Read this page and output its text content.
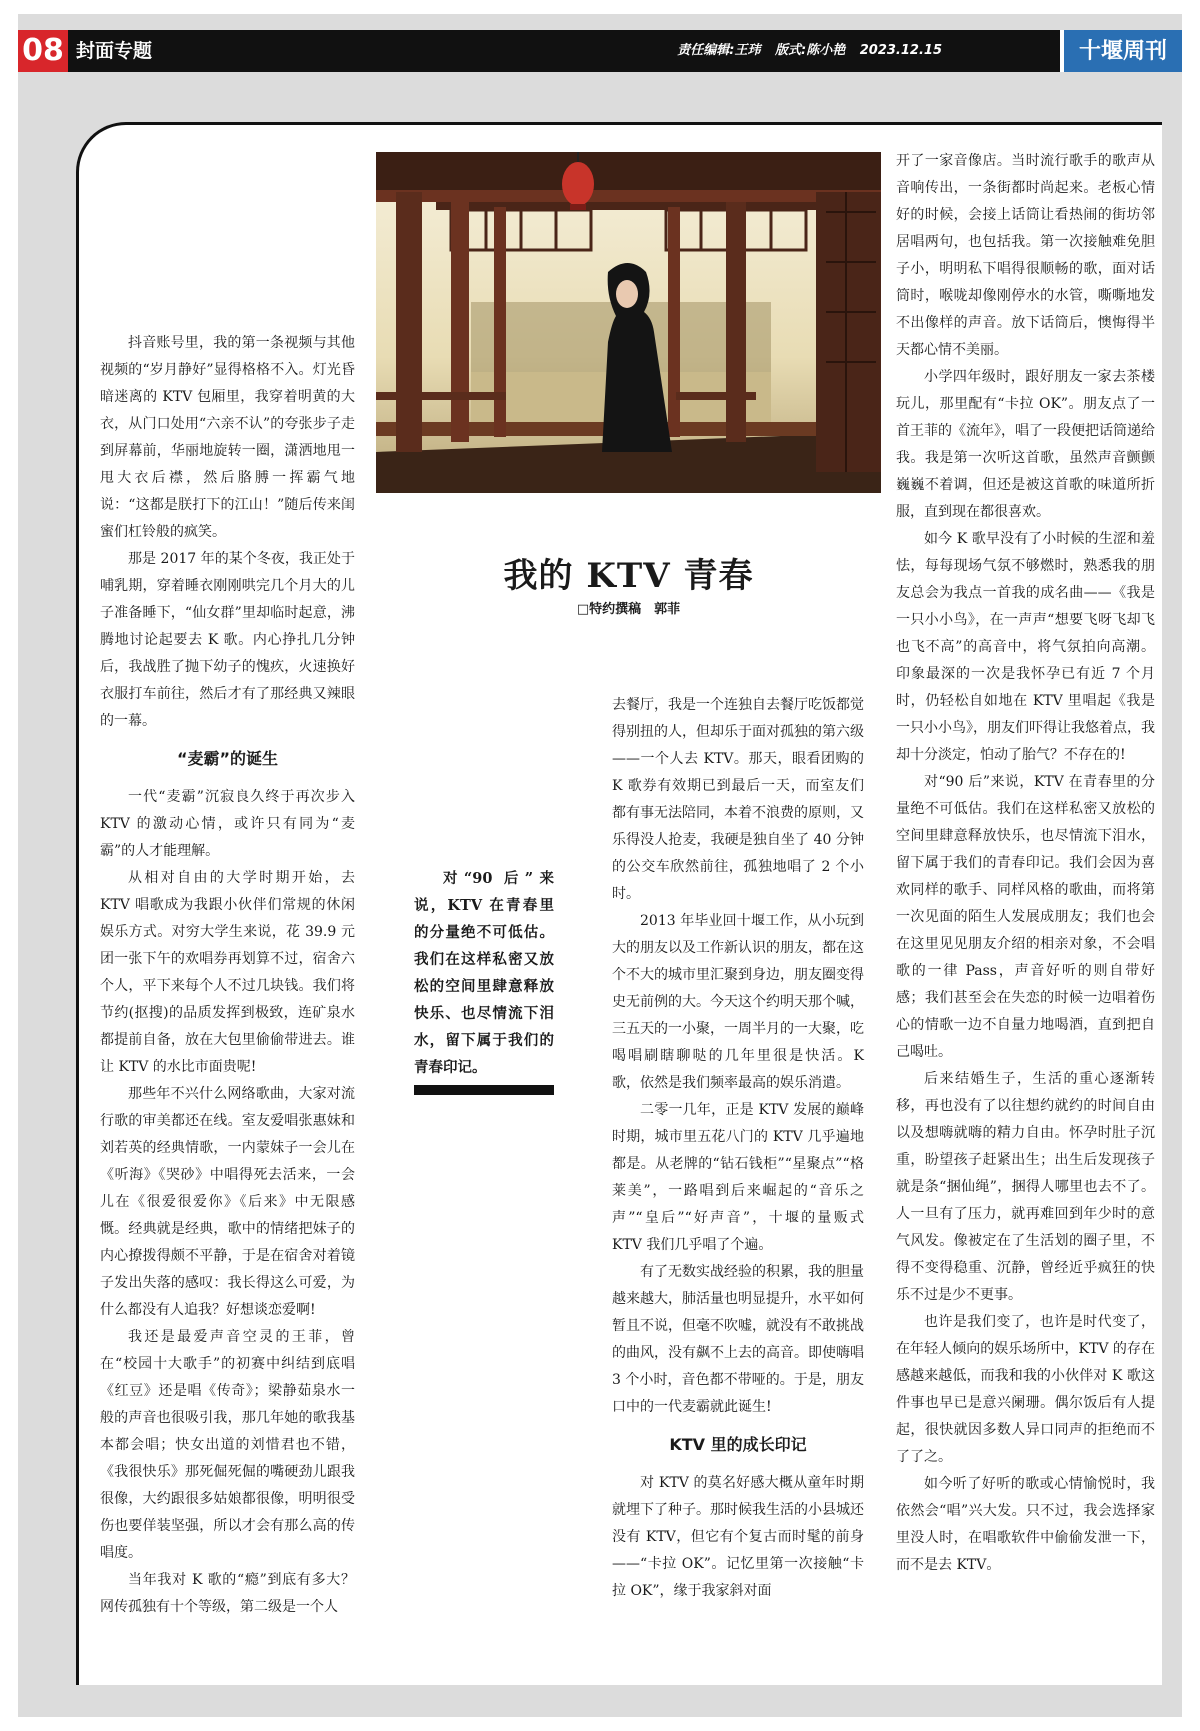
08 封面专题	责任编辑:王玮 版式:陈小艳 2023.12.15	十堰周刊

抖音账号里，我的第一条视频与其他视频的“岁月静好”显得格格不入。灯光昏暗迷离的 KTV 包厢里，我穿着明黄的大衣，从门口处用“六亲不认”的夸张步子走到屏幕前，华丽地旋转一圈，潇洒地甩一甩大衣后襟，然后胳膊一挥霸气地说：“这都是朕打下的江山！”随后传来闺蜜们杠铃般的疯笑。

那是 2017 年的某个冬夜，我正处于哺乳期，穿着睡衣刚刚哄完几个月大的儿子准备睡下，“仙女群”里却临时起意，沸腾地讨论起要去 K 歌。内心挣扎几分钟后，我战胜了抛下幼子的愧疚，火速换好衣服打车前往，然后才有了那经典又辣眼的一幕。

“麦霸”的诞生

一代“麦霸”沉寂良久终于再次步入 KTV 的激动心情，或许只有同为“麦霸”的人才能理解。

从相对自由的大学时期开始，去 KTV 唱歌成为我跟小伙伴们常规的休闲娱乐方式。对穷大学生来说，花 39.9 元团一张下午的欢唱券再划算不过，宿舍六个人，平下来每个人不过几块钱。我们将节约(抠搜)的品质发挥到极致，连矿泉水都提前自备，放在大包里偷偷带进去。谁让 KTV 的水比市面贵呢!

那些年不兴什么网络歌曲，大家对流行歌的审美都还在线。室友爱唱张惠妹和刘若英的经典情歌，一内蒙妹子一会儿在《听海》《哭砂》中唱得死去活来，一会儿在《很爱很爱你》《后来》中无限感慨。经典就是经典，歌中的情绪把妹子的内心撩拨得颇不平静，于是在宿舍对着镜子发出失落的感叹：我长得这么可爱，为什么都没有人追我？好想谈恋爱啊!

我还是最爱声音空灵的王菲，曾在“校园十大歌手”的初赛中纠结到底唱《红豆》还是唱《传奇》；梁静茹泉水一般的声音也很吸引我，那几年她的歌我基本都会唱；快女出道的刘惜君也不错，《我很快乐》那死倔死倔的嘴硬劲儿跟我很像，大约跟很多姑娘都很像，明明很受伤也要佯装坚强，所以才会有那么高的传唱度。

当年我对 K 歌的“瘾”到底有多大？网传孤独有十个等级，第二级是一个人

我的 KTV 青春
□特约撰稿　郭菲

对“90 后”来说，KTV 在青春里的分量绝不可低估。我们在这样私密又放松的空间里肆意释放快乐、也尽情流下泪水，留下属于我们的青春印记。

去餐厅，我是一个连独自去餐厅吃饭都觉得别扭的人，但却乐于面对孤独的第六级——一个人去 KTV。那天，眼看团购的 K 歌券有效期已到最后一天，而室友们都有事无法陪同，本着不浪费的原则，又乐得没人抢麦，我硬是独自坐了 40 分钟的公交车欣然前往，孤独地唱了 2 个小时。

2013 年毕业回十堰工作，从小玩到大的朋友以及工作新认识的朋友，都在这个不大的城市里汇聚到身边，朋友圈变得史无前例的大。今天这个约明天那个喊，三五天的一小聚，一周半月的一大聚，吃喝唱刷瞎聊哒的几年里很是快活。K 歌，依然是我们频率最高的娱乐消遣。

二零一几年，正是 KTV 发展的巅峰时期，城市里五花八门的 KTV 几乎遍地都是。从老牌的“钻石钱柜”“星聚点”“格莱美”，一路唱到后来崛起的“音乐之声”“皇后”“好声音”，十堰的量贩式 KTV 我们几乎唱了个遍。

有了无数实战经验的积累，我的胆量越来越大，肺活量也明显提升，水平如何暂且不说，但毫不吹嘘，就没有不敢挑战的曲风，没有飙不上去的高音。即使嗨唱 3 个小时，音色都不带哑的。于是，朋友口中的一代麦霸就此诞生!

KTV 里的成长印记

对 KTV 的莫名好感大概从童年时期就埋下了种子。那时候我生活的小县城还没有 KTV，但它有个复古而时髦的前身——“卡拉 OK”。记忆里第一次接触“卡拉 OK”，缘于我家斜对面

开了一家音像店。当时流行歌手的歌声从音响传出，一条街都时尚起来。老板心情好的时候，会接上话筒让看热闹的街坊邻居唱两句，也包括我。第一次接触难免胆子小，明明私下唱得很顺畅的歌，面对话筒时，喉咙却像刚停水的水管，嘶嘶地发不出像样的声音。放下话筒后，懊悔得半天都心情不美丽。

小学四年级时，跟好朋友一家去茶楼玩儿，那里配有“卡拉 OK”。朋友点了一首王菲的《流年》，唱了一段便把话筒递给我。我是第一次听这首歌，虽然声音颤颤巍巍不着调，但还是被这首歌的味道所折服，直到现在都很喜欢。

如今 K 歌早没有了小时候的生涩和羞怯，每每现场气氛不够燃时，熟悉我的朋友总会为我点一首我的成名曲——《我是一只小小鸟》，在一声声“想要飞呀飞却飞也飞不高”的高音中，将气氛拍向高潮。印象最深的一次是我怀孕已有近 7 个月时，仍轻松自如地在 KTV 里唱起《我是一只小小鸟》，朋友们吓得让我悠着点，我却十分淡定，怕动了胎气？不存在的!

对“90 后”来说，KTV 在青春里的分量绝不可低估。我们在这样私密又放松的空间里肆意释放快乐，也尽情流下泪水，留下属于我们的青春印记。我们会因为喜欢同样的歌手、同样风格的歌曲，而将第一次见面的陌生人发展成朋友；我们也会在这里见见朋友介绍的相亲对象，不会唱歌的一律 Pass，声音好听的则自带好感；我们甚至会在失恋的时候一边唱着伤心的情歌一边不自量力地喝酒，直到把自己喝吐。

后来结婚生子，生活的重心逐渐转移，再也没有了以往想约就约的时间自由以及想嗨就嗨的精力自由。怀孕时肚子沉重，盼望孩子赶紧出生；出生后发现孩子就是条“捆仙绳”，捆得人哪里也去不了。人一旦有了压力，就再难回到年少时的意气风发。像被定在了生活划的圈子里，不得不变得稳重、沉静，曾经近乎疯狂的快乐不过是少不更事。

也许是我们变了，也许是时代变了，在年轻人倾向的娱乐场所中，KTV 的存在感越来越低，而我和我的小伙伴对 K 歌这件事也早已是意兴阑珊。偶尔饭后有人提起，很快就因多数人异口同声的拒绝而不了了之。

如今听了好听的歌或心情愉悦时，我依然会“唱”兴大发。只不过，我会选择家里没人时，在唱歌软件中偷偷发泄一下，而不是去 KTV。
